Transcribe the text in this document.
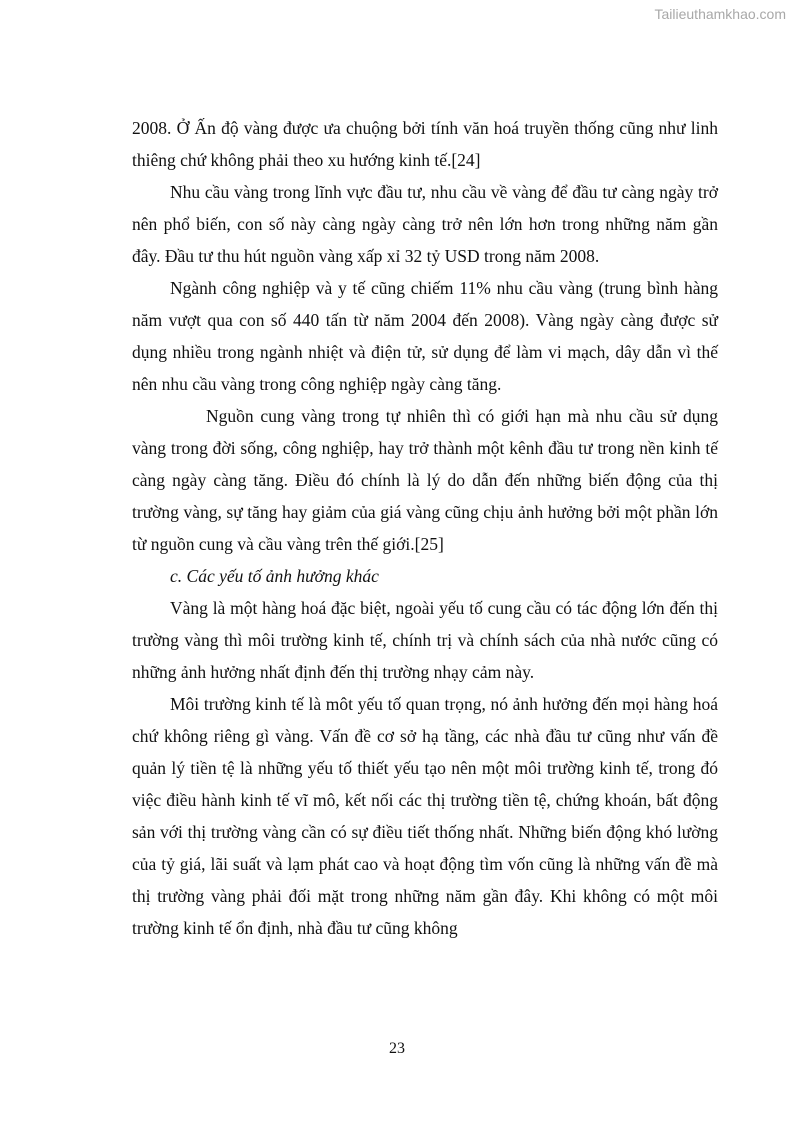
Tailieuthamkhao.com

2008. Ở Ấn độ vàng được ưa chuộng bởi tính văn hoá truyền thống cũng như linh thiêng chứ không phải theo xu hướng kinh tế.[24]

Nhu cầu vàng trong lĩnh vực đầu tư, nhu cầu về vàng để đầu tư càng ngày trở nên phổ biến, con số này càng ngày càng trở nên lớn hơn trong những năm gần đây. Đầu tư thu hút nguồn vàng xấp xỉ 32 tỷ USD trong năm 2008.

Ngành công nghiệp và y tế cũng chiếm 11% nhu cầu vàng (trung bình hàng năm vượt qua con số 440 tấn từ năm 2004 đến 2008). Vàng ngày càng được sử dụng nhiều trong ngành nhiệt và điện tử, sử dụng để làm vi mạch, dây dẫn vì thế nên nhu cầu vàng trong công nghiệp ngày càng tăng.

Nguồn cung vàng trong tự nhiên thì có giới hạn mà nhu cầu sử dụng vàng trong đời sống, công nghiệp, hay trở thành một kênh đầu tư trong nền kinh tế càng ngày càng tăng. Điều đó chính là lý do dẫn đến những biến động của thị trường vàng, sự tăng hay giảm của giá vàng cũng chịu ảnh hưởng bởi một phần lớn từ nguồn cung và cầu vàng trên thế giới.[25]

c. Các yếu tố ảnh hưởng khác

Vàng là một hàng hoá đặc biệt, ngoài yếu tố cung cầu có tác động lớn đến thị trường vàng thì môi trường kinh tế, chính trị và chính sách của nhà nước cũng có những ảnh hưởng nhất định đến thị trường nhạy cảm này.

Môi trường kinh tế là môt yếu tố quan trọng, nó ảnh hưởng đến mọi hàng hoá chứ không riêng gì vàng. Vấn đề cơ sở hạ tầng, các nhà đầu tư cũng như vấn đề quản lý tiền tệ là những yếu tố thiết yếu tạo nên một môi trường kinh tế, trong đó việc điều hành kinh tế vĩ mô, kết nối các thị trường tiền tệ, chứng khoán, bất động sản với thị trường vàng cần có sự điều tiết thống nhất. Những biến động khó lường của tỷ giá, lãi suất và lạm phát cao và hoạt động tìm vốn cũng là những vấn đề mà thị trường vàng phải đối mặt trong những năm gần đây. Khi không có một môi trường kinh tế ổn định, nhà đầu tư cũng không

23
